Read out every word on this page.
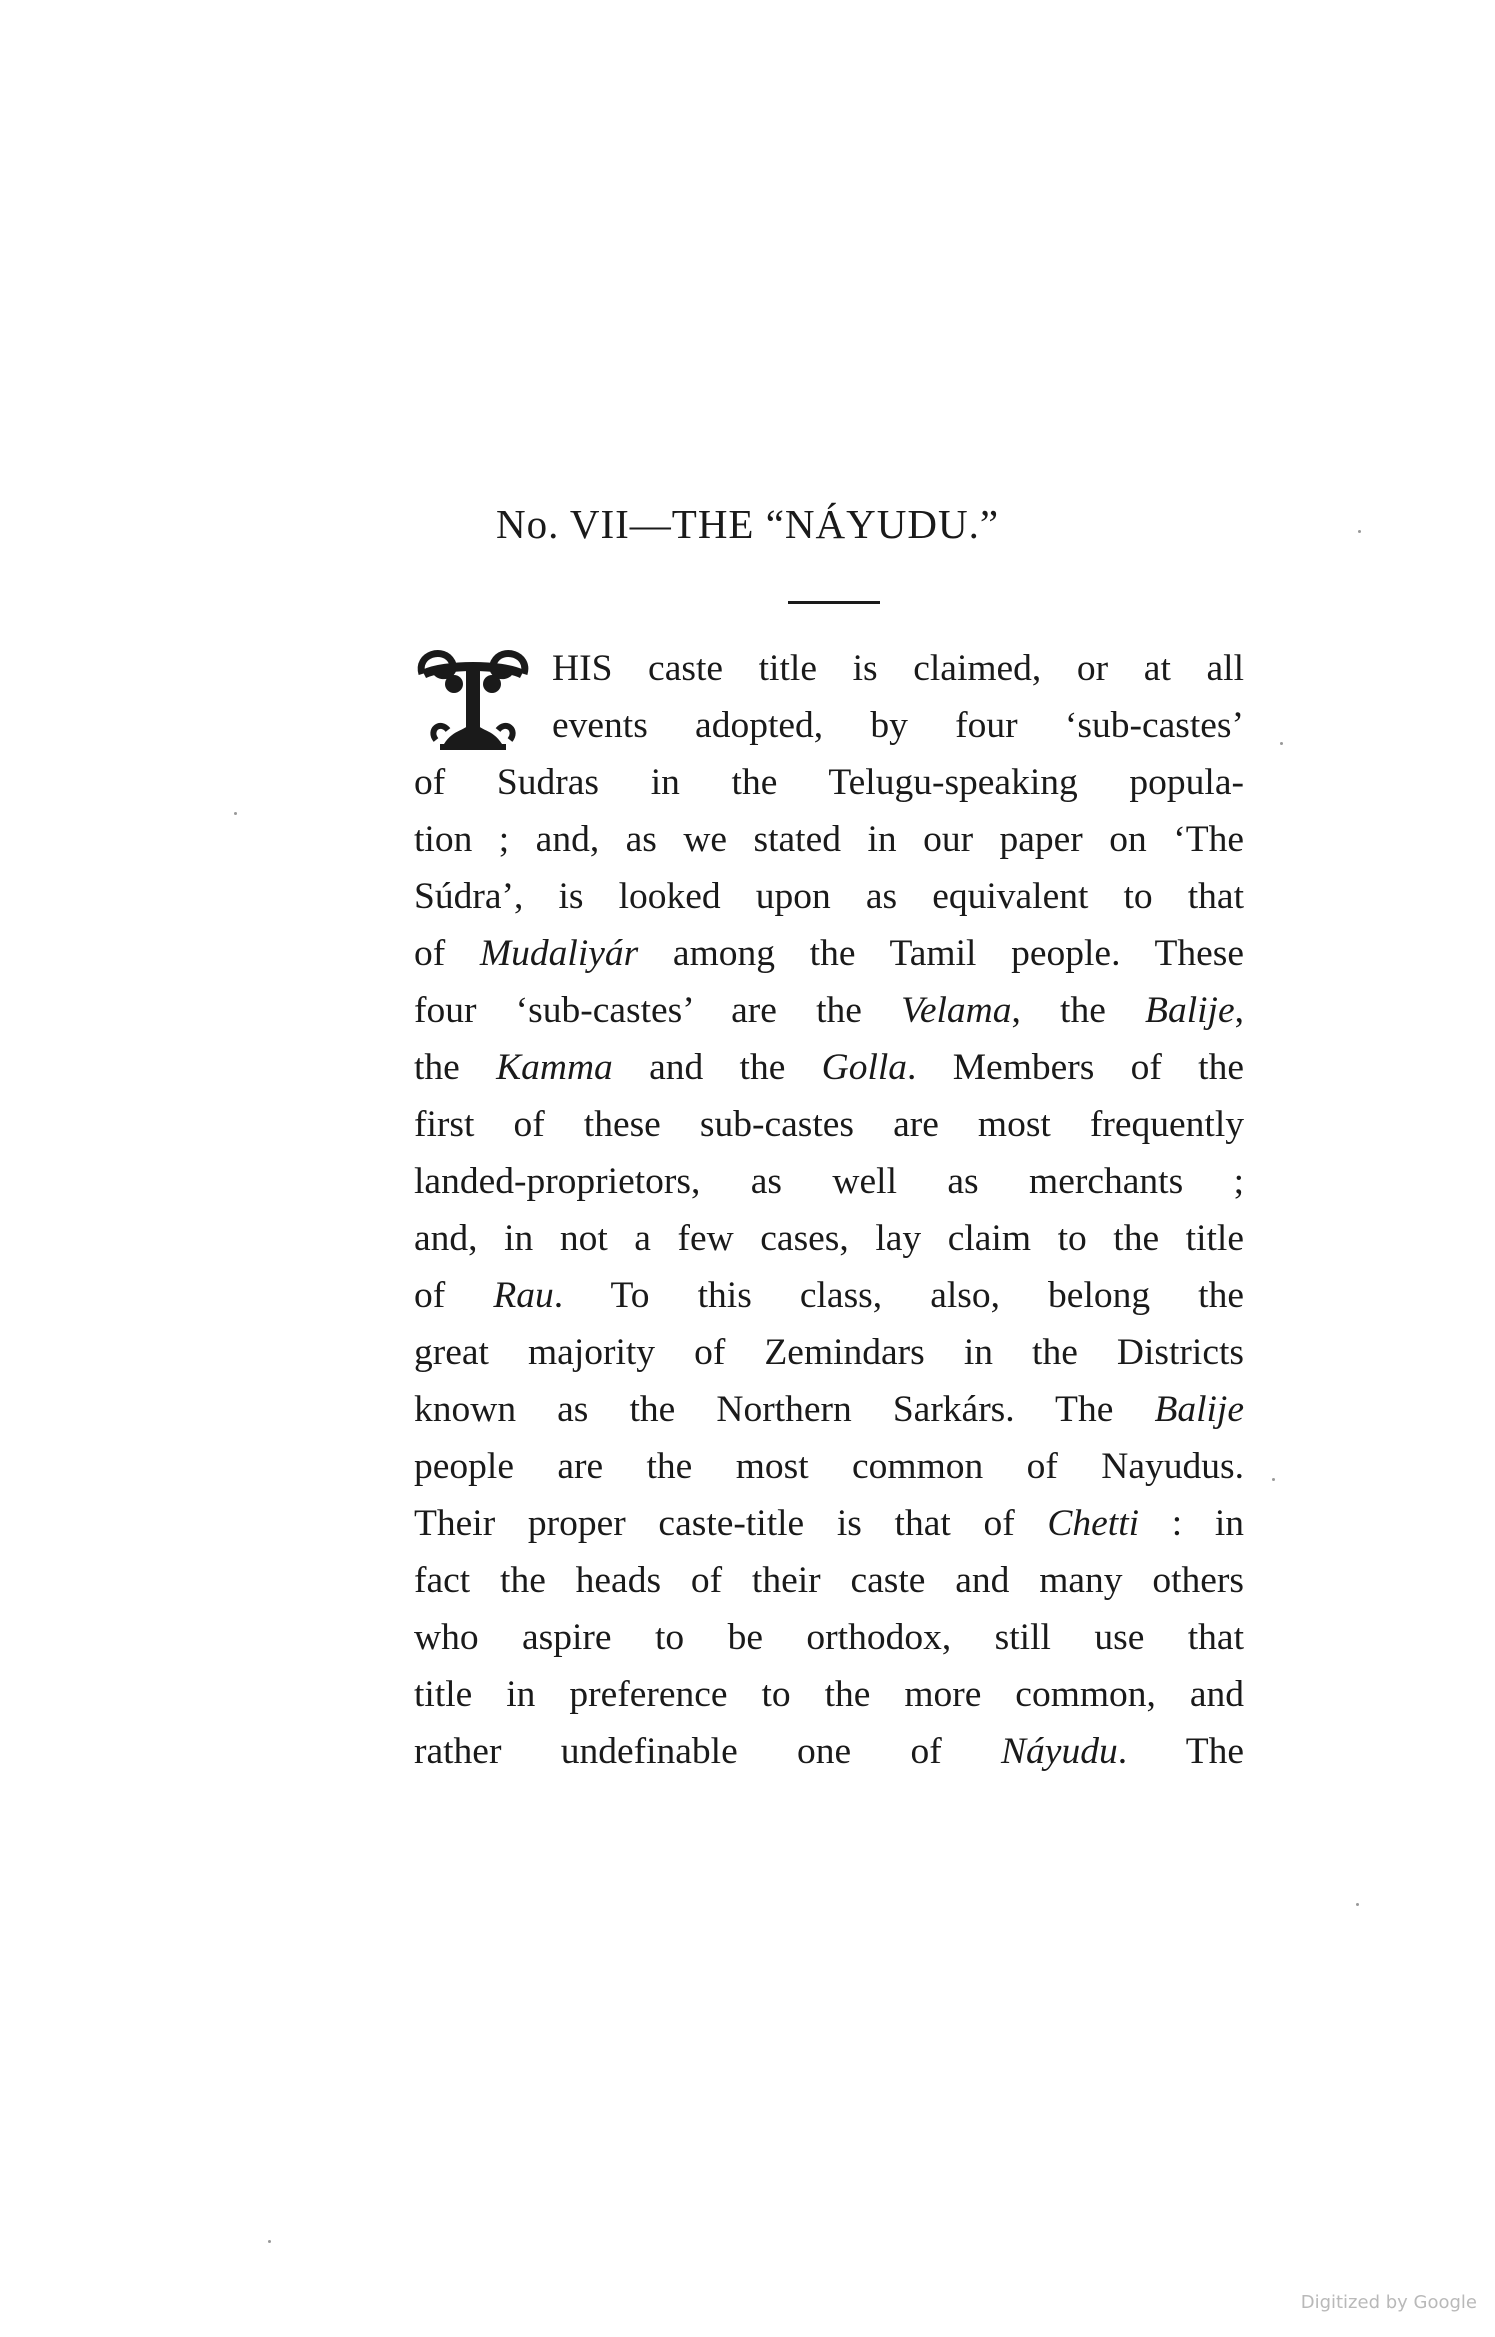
No. VII—THE “NÁYUDU.”
HIS caste title is claimed, or at all
events adopted, by four ‘sub-castes’
of Sudras in the Telugu-speaking popula-
tion ; and, as we stated in our paper on ‘The
Súdra’, is looked upon as equivalent to that
of Mudaliyár among the Tamil people. These
four ‘sub-castes’ are the Velama, the Balije,
the Kamma and the Golla. Members of the
first of these sub-castes are most frequently
landed-proprietors, as well as merchants ;
and, in not a few cases, lay claim to the title
of Rau. To this class, also, belong the
great majority of Zemindars in the Districts
known as the Northern Sarkárs. The Balije
people are the most common of Nayudus.
Their proper caste-title is that of Chetti : in
fact the heads of their caste and many others
who aspire to be orthodox, still use that
title in preference to the more common, and
rather undefinable one of Náyudu. The
Digitized by Google
